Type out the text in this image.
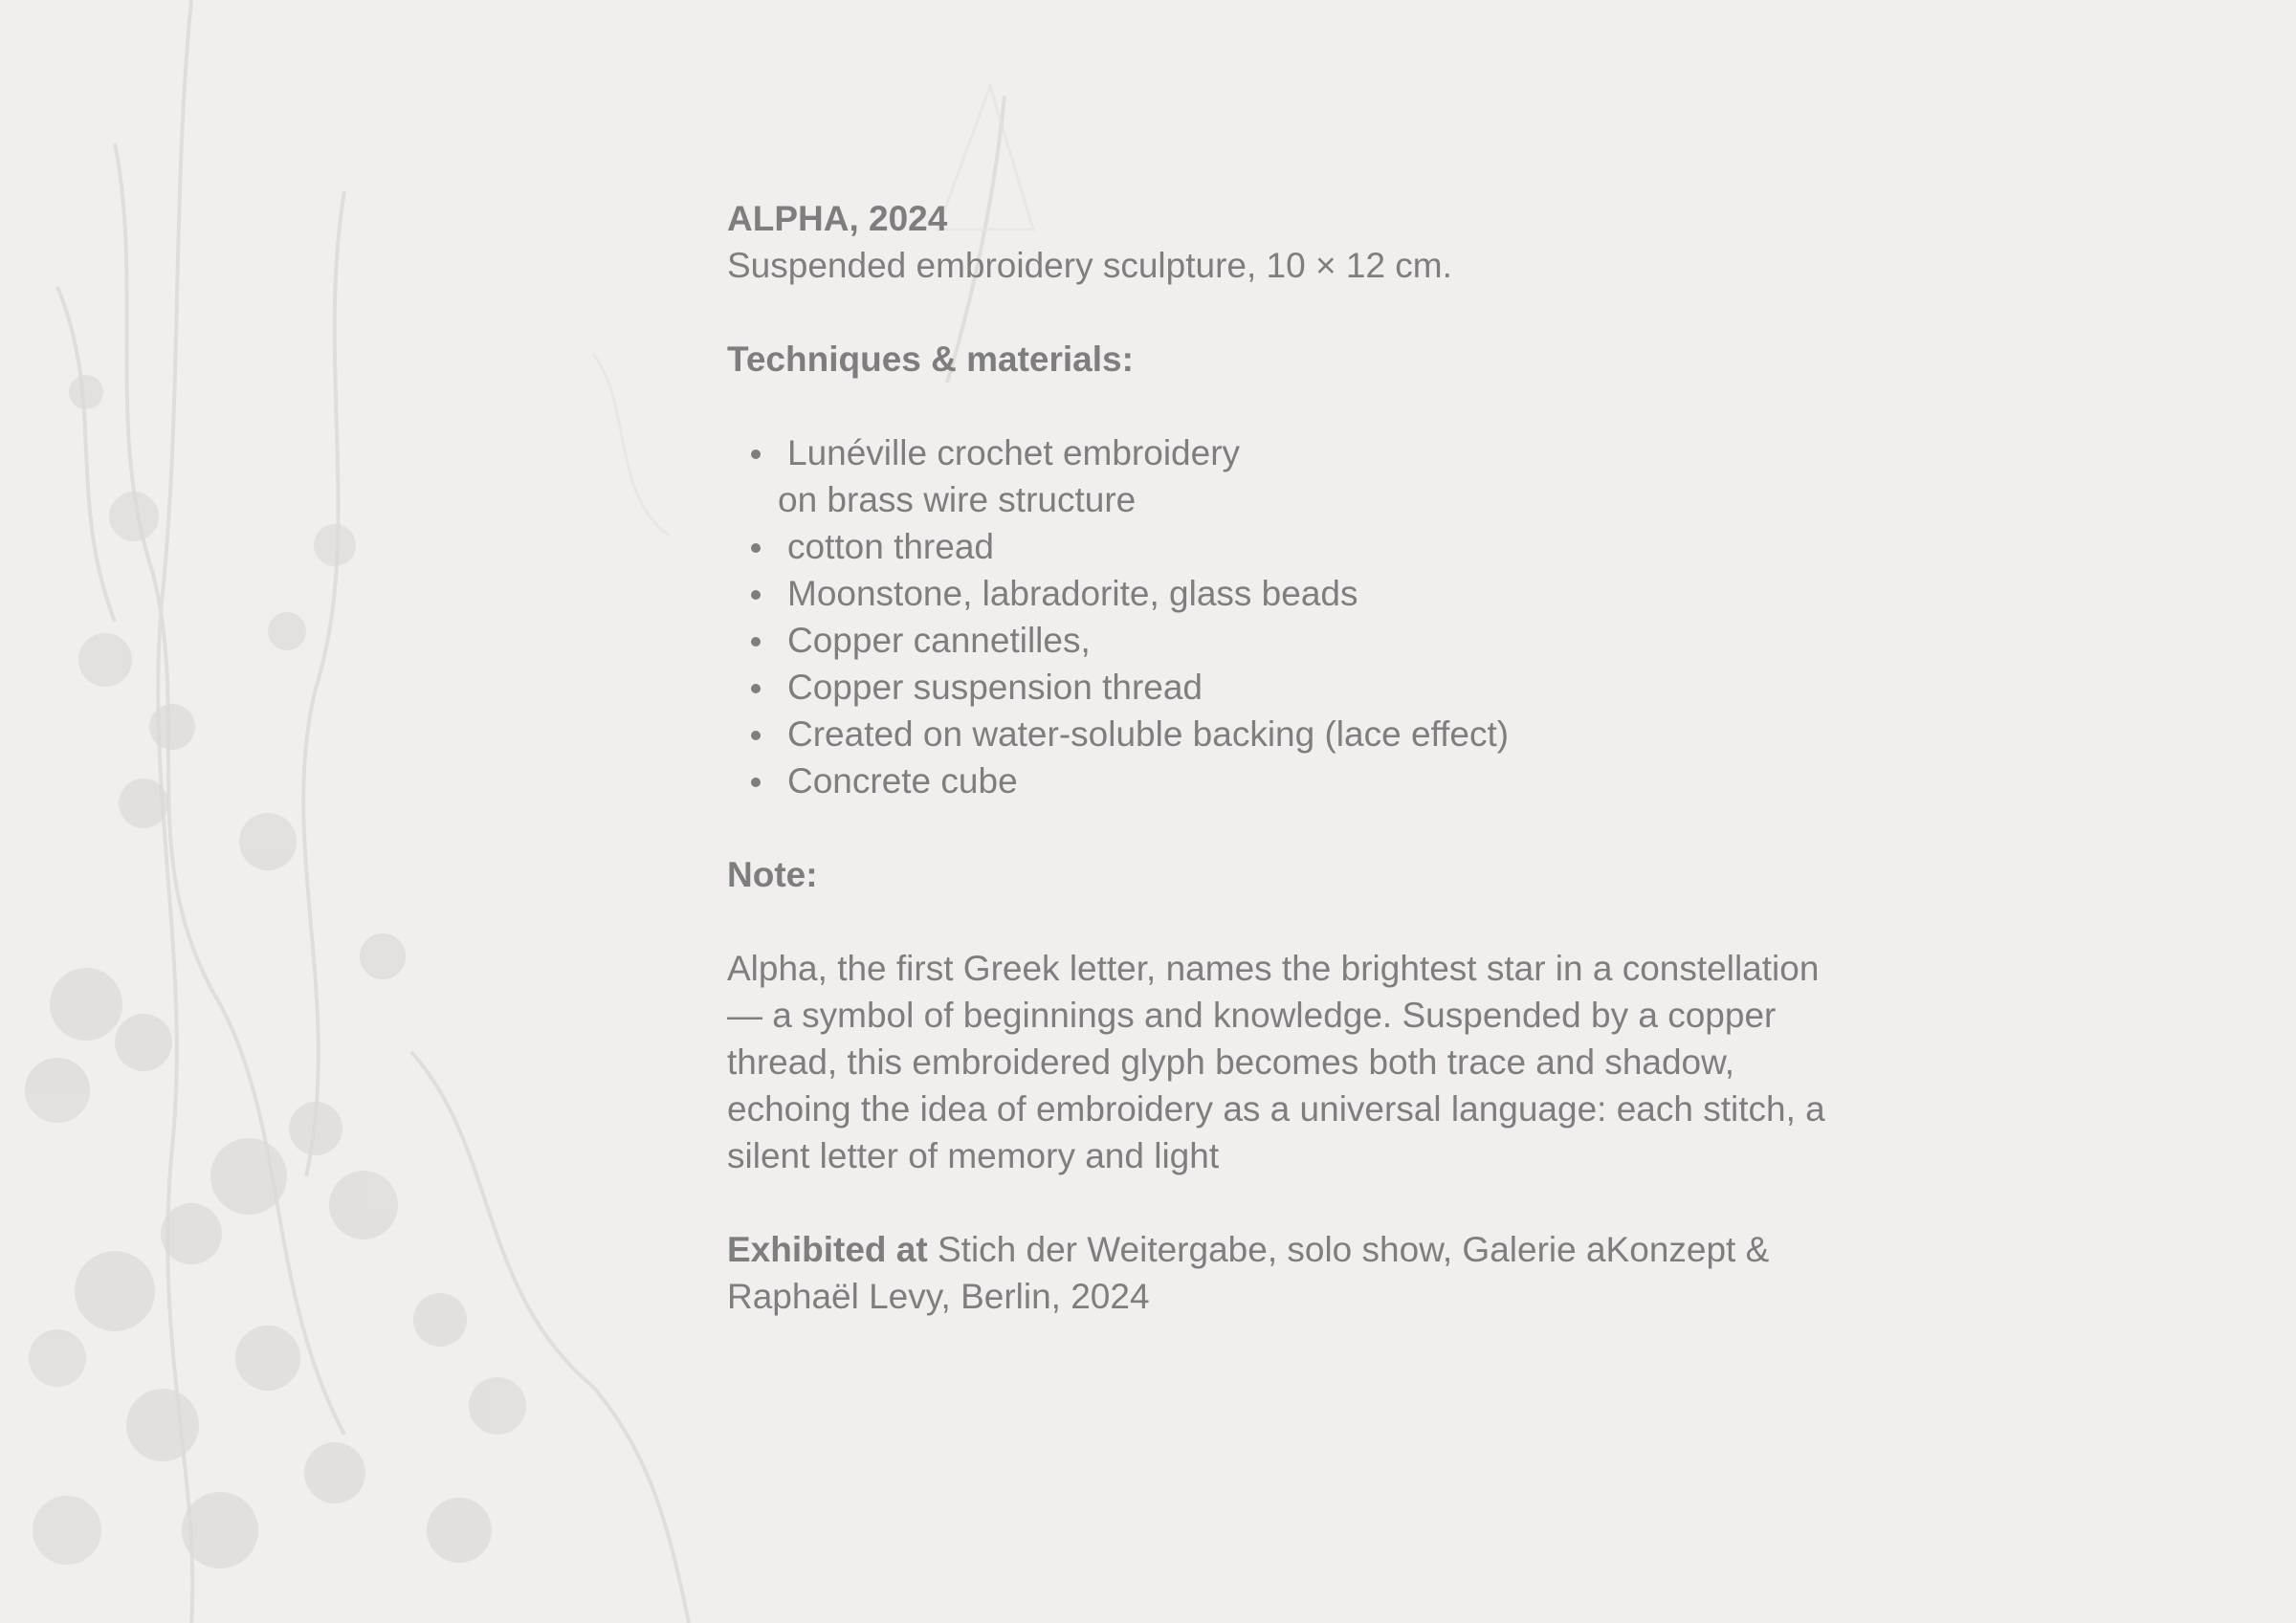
ALPHA, 2024

Suspended embroidery sculpture, 10 × 12 cm.

Techniques & materials:

Lunéville crochet embroidery
on brass wire structure
cotton thread
Moonstone, labradorite, glass beads
Copper cannetilles,
Copper suspension thread
Created on water-soluble backing (lace effect)
Concrete cube

Note:

Alpha, the first Greek letter, names the brightest star in a constellation — a symbol of beginnings and knowledge. Suspended by a copper thread, this embroidered glyph becomes both trace and shadow, echoing the idea of embroidery as a universal language: each stitch, a silent letter of memory and light

Exhibited at Stich der Weitergabe, solo show, Galerie aKonzept & Raphaël Levy, Berlin, 2024
